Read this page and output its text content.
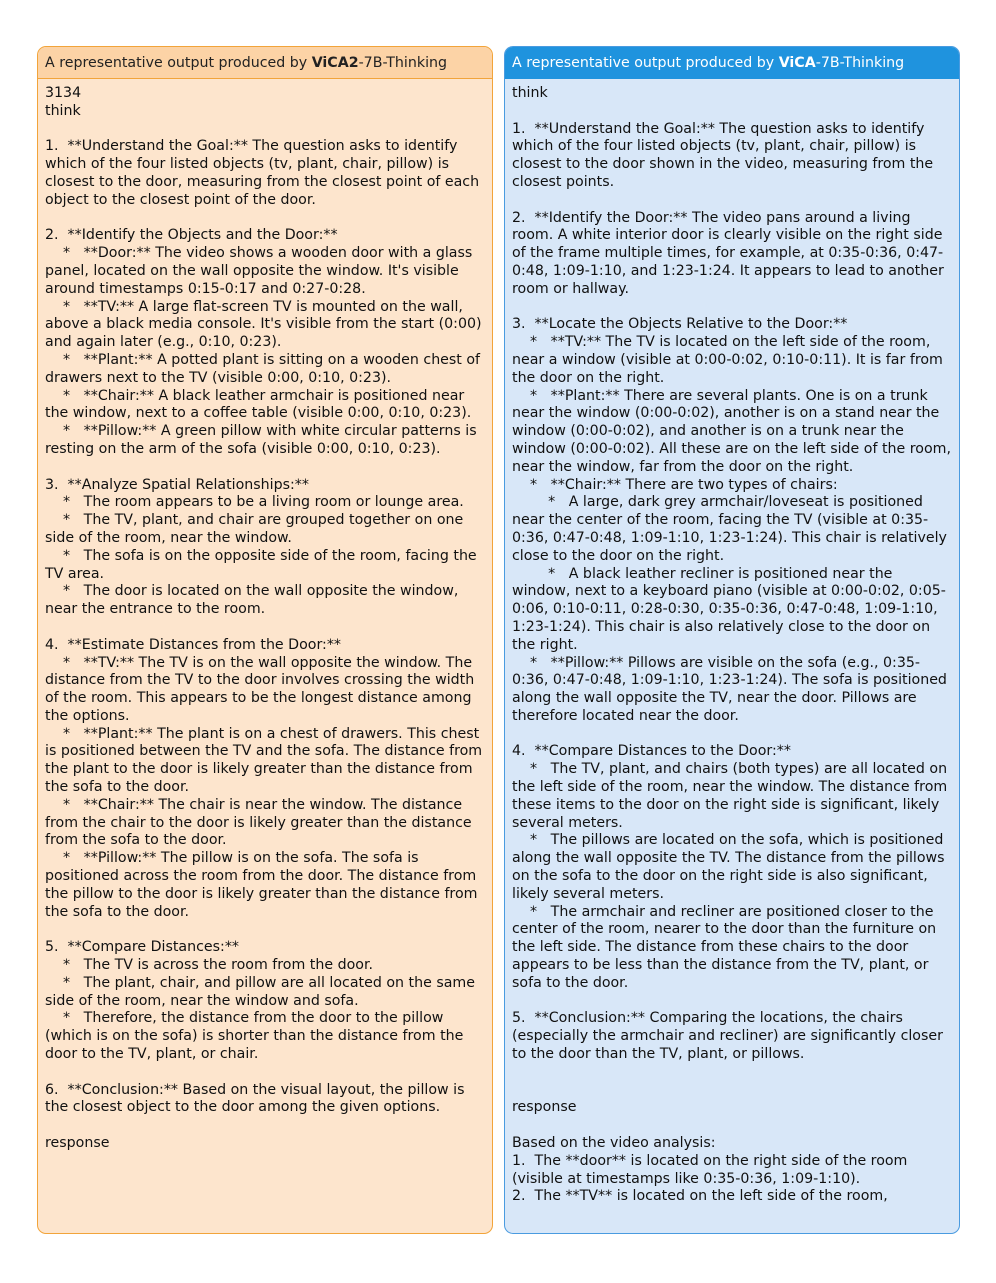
A representative output produced by ViCA2-7B-Thinking
3134
think

1.  **Understand the Goal:** The question asks to identify which of the four listed objects (tv, plant, chair, pillow) is closest to the door, measuring from the closest point of each object to the closest point of the door.

2.  **Identify the Objects and the Door:**
*   **Door:** The video shows a wooden door with a glass panel, located on the wall opposite the window. It's visible around timestamps 0:15-0:17 and 0:27-0:28.
*   **TV:** A large flat-screen TV is mounted on the wall, above a black media console. It's visible from the start (0:00) and again later (e.g., 0:10, 0:23).
*   **Plant:** A potted plant is sitting on a wooden chest of drawers next to the TV (visible 0:00, 0:10, 0:23).
*   **Chair:** A black leather armchair is positioned near the window, next to a coffee table (visible 0:00, 0:10, 0:23).
*   **Pillow:** A green pillow with white circular patterns is resting on the arm of the sofa (visible 0:00, 0:10, 0:23).

3.  **Analyze Spatial Relationships:**
*   The room appears to be a living room or lounge area.
*   The TV, plant, and chair are grouped together on one side of the room, near the window.
*   The sofa is on the opposite side of the room, facing the TV area.
*   The door is located on the wall opposite the window, near the entrance to the room.

4.  **Estimate Distances from the Door:**
*   **TV:** The TV is on the wall opposite the window. The distance from the TV to the door involves crossing the width of the room. This appears to be the longest distance among the options.
*   **Plant:** The plant is on a chest of drawers. This chest is positioned between the TV and the sofa. The distance from the plant to the door is likely greater than the distance from the sofa to the door.
*   **Chair:** The chair is near the window. The distance from the chair to the door is likely greater than the distance from the sofa to the door.
*   **Pillow:** The pillow is on the sofa. The sofa is positioned across the room from the door. The distance from the pillow to the door is likely greater than the distance from the sofa to the door.

5.  **Compare Distances:**
*   The TV is across the room from the door.
*   The plant, chair, and pillow are all located on the same side of the room, near the window and sofa.
*   Therefore, the distance from the door to the pillow (which is on the sofa) is shorter than the distance from the door to the TV, plant, or chair.

6.  **Conclusion:** Based on the visual layout, the pillow is the closest object to the door among the given options.

response
A representative output produced by ViCA-7B-Thinking
think

1.  **Understand the Goal:** The question asks to identify which of the four listed objects (tv, plant, chair, pillow) is closest to the door shown in the video, measuring from the closest points.

2.  **Identify the Door:** The video pans around a living room. A white interior door is clearly visible on the right side of the frame multiple times, for example, at 0:35-0:36, 0:47-0:48, 1:09-1:10, and 1:23-1:24. It appears to lead to another room or hallway.

3.  **Locate the Objects Relative to the Door:**
*   **TV:** The TV is located on the left side of the room, near a window (visible at 0:00-0:02, 0:10-0:11). It is far from the door on the right.
*   **Plant:** There are several plants. One is on a trunk near the window (0:00-0:02), another is on a stand near the window (0:00-0:02), and another is on a trunk near the window (0:00-0:02). All these are on the left side of the room, near the window, far from the door on the right.
*   **Chair:** There are two types of chairs:
*   A large, dark grey armchair/loveseat is positioned near the center of the room, facing the TV (visible at 0:35-0:36, 0:47-0:48, 1:09-1:10, 1:23-1:24). This chair is relatively close to the door on the right.
*   A black leather recliner is positioned near the window, next to a keyboard piano (visible at 0:00-0:02, 0:05-0:06, 0:10-0:11, 0:28-0:30, 0:35-0:36, 0:47-0:48, 1:09-1:10, 1:23-1:24). This chair is also relatively close to the door on the right.
*   **Pillow:** Pillows are visible on the sofa (e.g., 0:35-0:36, 0:47-0:48, 1:09-1:10, 1:23-1:24). The sofa is positioned along the wall opposite the TV, near the door. Pillows are therefore located near the door.

4.  **Compare Distances to the Door:**
*   The TV, plant, and chairs (both types) are all located on the left side of the room, near the window. The distance from these items to the door on the right side is significant, likely several meters.
*   The pillows are located on the sofa, which is positioned along the wall opposite the TV. The distance from the pillows on the sofa to the door on the right side is also significant, likely several meters.
*   The armchair and recliner are positioned closer to the center of the room, nearer to the door than the furniture on the left side. The distance from these chairs to the door appears to be less than the distance from the TV, plant, or sofa to the door.

5.  **Conclusion:** Comparing the locations, the chairs (especially the armchair and recliner) are significantly closer to the door than the TV, plant, or pillows.

response

Based on the video analysis:
1.  The **door** is located on the right side of the room (visible at timestamps like 0:35-0:36, 1:09-1:10).
2.  The **TV** is located on the left side of the room,
